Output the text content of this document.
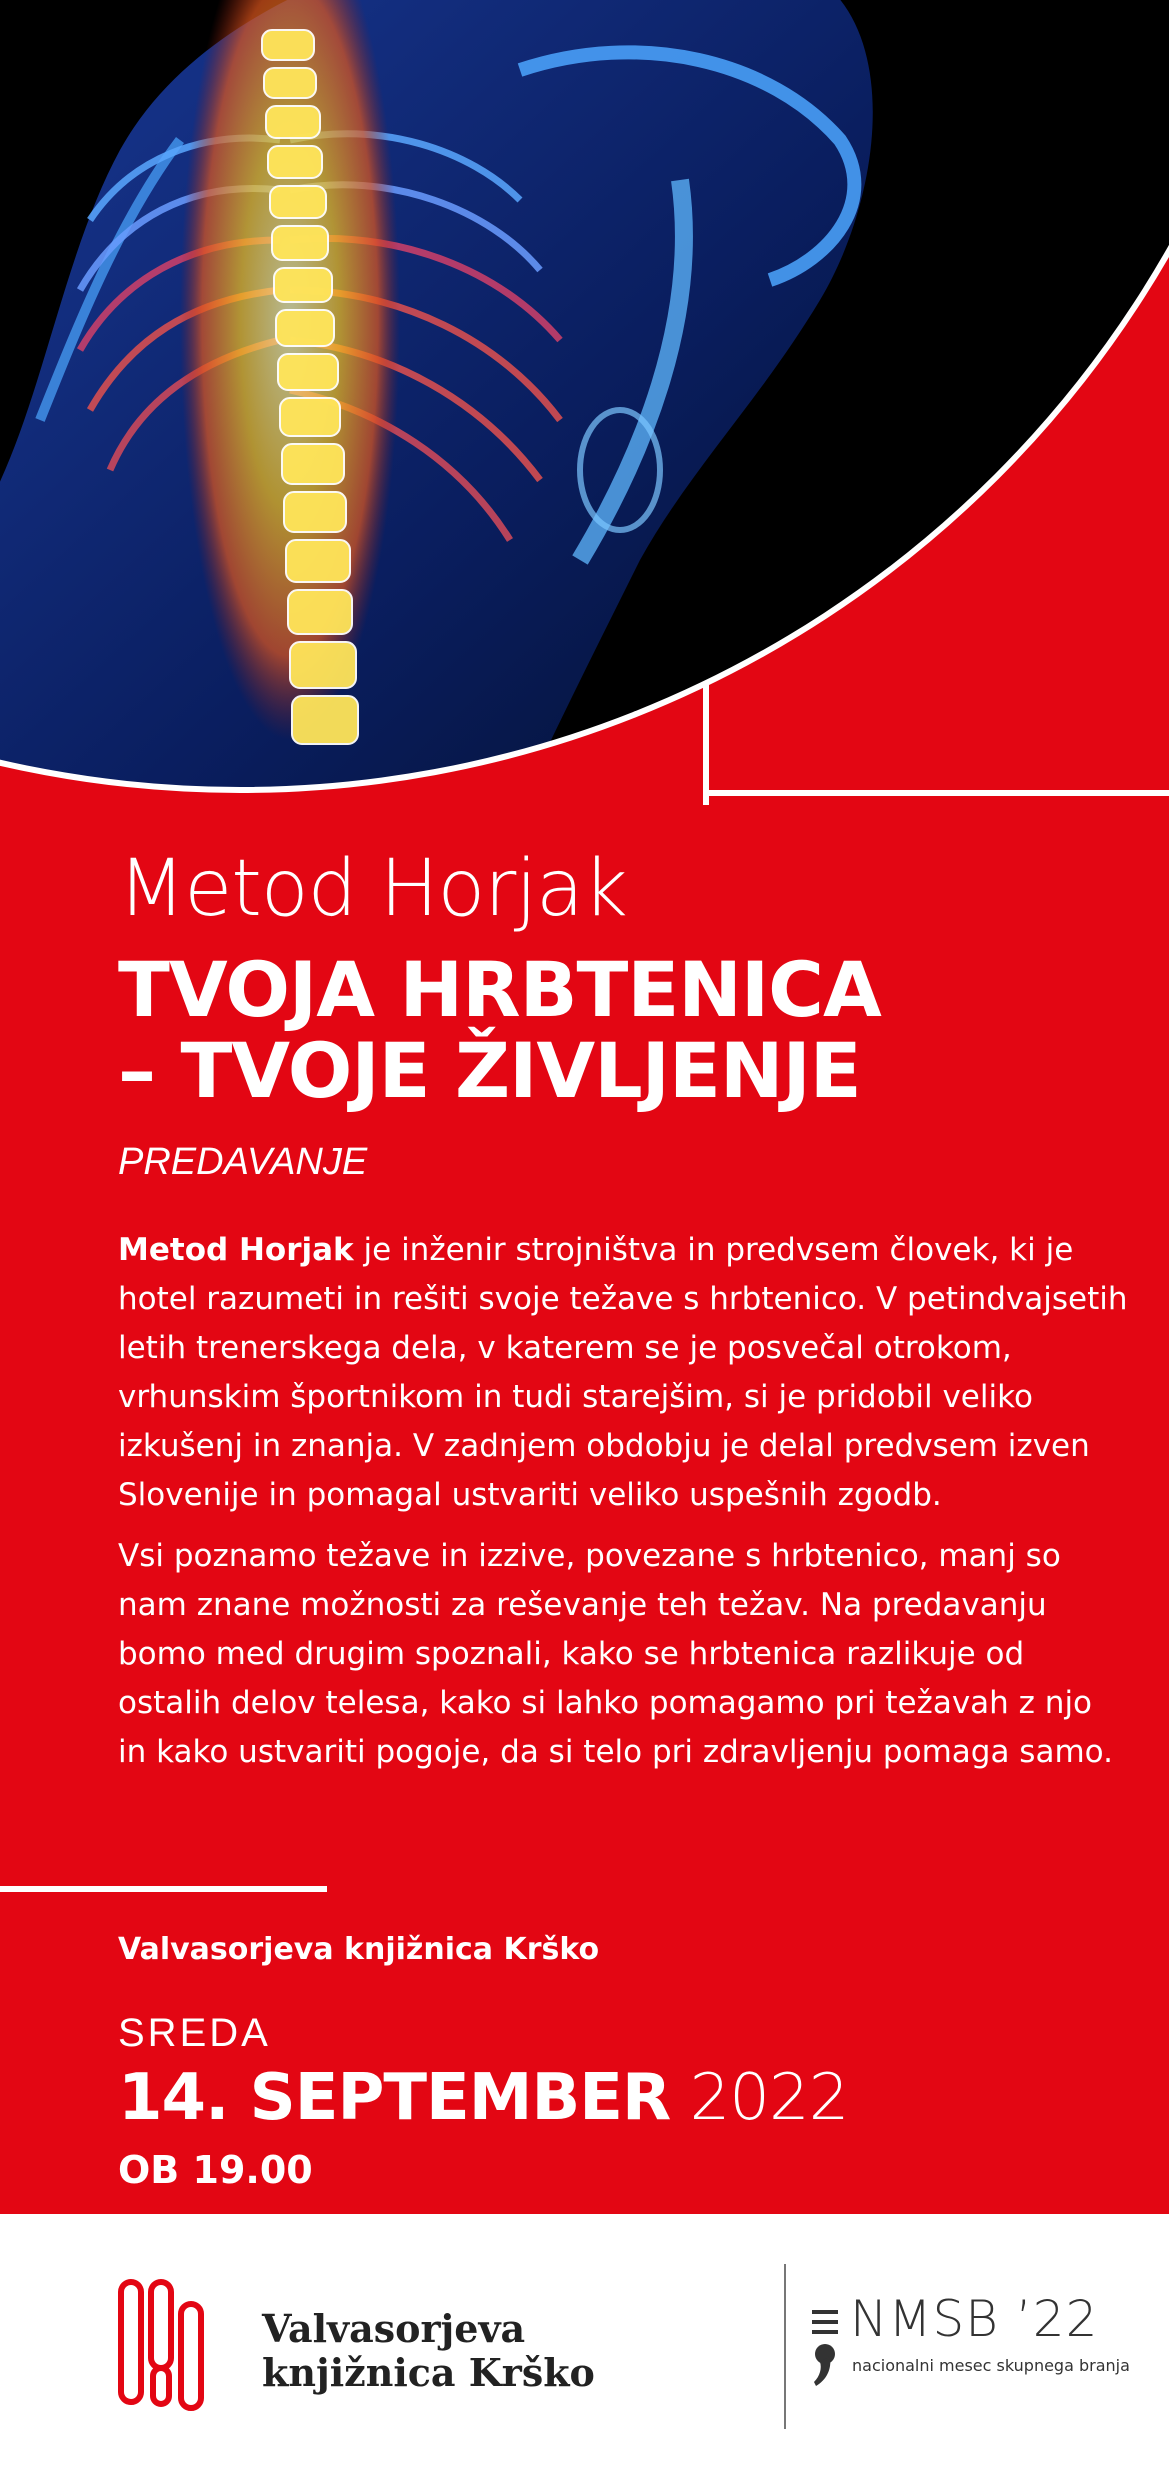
Metod Horjak
TVOJA HRBTENICA
– TVOJE ŽIVLJENJE
PREDAVANJE

Metod Horjak je inženir strojništva in predvsem človek, ki je hotel razumeti in rešiti svoje težave s hrbtenico. V petindvajsetih letih trenerskega dela, v katerem se je posvečal otrokom, vrhunskim športnikom in tudi starejšim, si je pridobil veliko izkušenj in znanja. V zadnjem obdobju je delal predvsem izven Slovenije in pomagal ustvariti veliko uspešnih zgodb.

Vsi poznamo težave in izzive, povezane s hrbtenico, manj so nam znane možnosti za reševanje teh težav. Na predavanju bomo med drugim spoznali, kako se hrbtenica razlikuje od ostalih delov telesa, kako si lahko pomagamo pri težavah z njo in kako ustvariti pogoje, da si telo pri zdravljenju pomaga samo.

Valvasorjeva knjižnica Krško
SREDA
14. SEPTEMBER 2022
OB 19.00
Valvasorjeva
knjižnica Krško
NMSB ’22
nacionalni mesec skupnega branja
